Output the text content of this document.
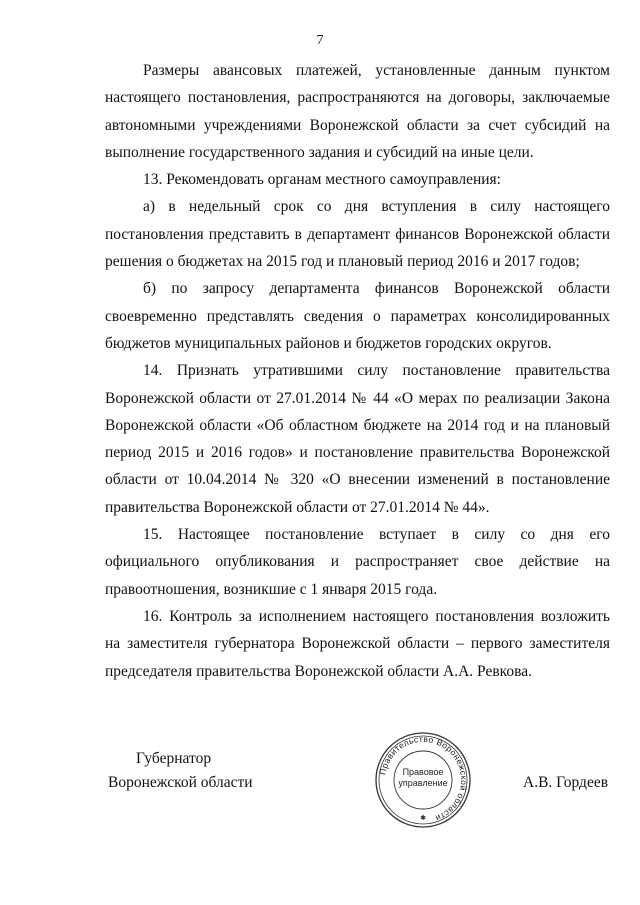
7

Размеры авансовых платежей, установленные данным пунктом настоящего постановления, распространяются на договоры, заключаемые автономными учреждениями Воронежской области за счет субсидий на выполнение государственного задания и субсидий на иные цели.

13. Рекомендовать органам местного самоуправления:

а) в недельный срок со дня вступления в силу настоящего постановления представить в департамент финансов Воронежской области решения о бюджетах на 2015 год и плановый период 2016 и 2017 годов;

б) по запросу департамента финансов Воронежской области своевременно представлять сведения о параметрах консолидированных бюджетов муниципальных районов и бюджетов городских округов.

14. Признать утратившими силу постановление правительства Воронежской области от 27.01.2014 № 44 «О мерах по реализации Закона Воронежской области «Об областном бюджете на 2014 год и на плановый период 2015 и 2016 годов» и постановление правительства Воронежской области от 10.04.2014 № 320 «О внесении изменений в постановление правительства Воронежской области от 27.01.2014 № 44».

15. Настоящее постановление вступает в силу со дня его официального опубликования и распространяет свое действие на правоотношения, возникшие с 1 января 2015 года.

16. Контроль за исполнением настоящего постановления возложить на заместителя губернатора Воронежской области – первого заместителя председателя правительства Воронежской области А.А. Ревкова.

Губернатор
Воронежской области
Правительство Воронежской области
✱
Правовое
управление	А.В. Гордеев
